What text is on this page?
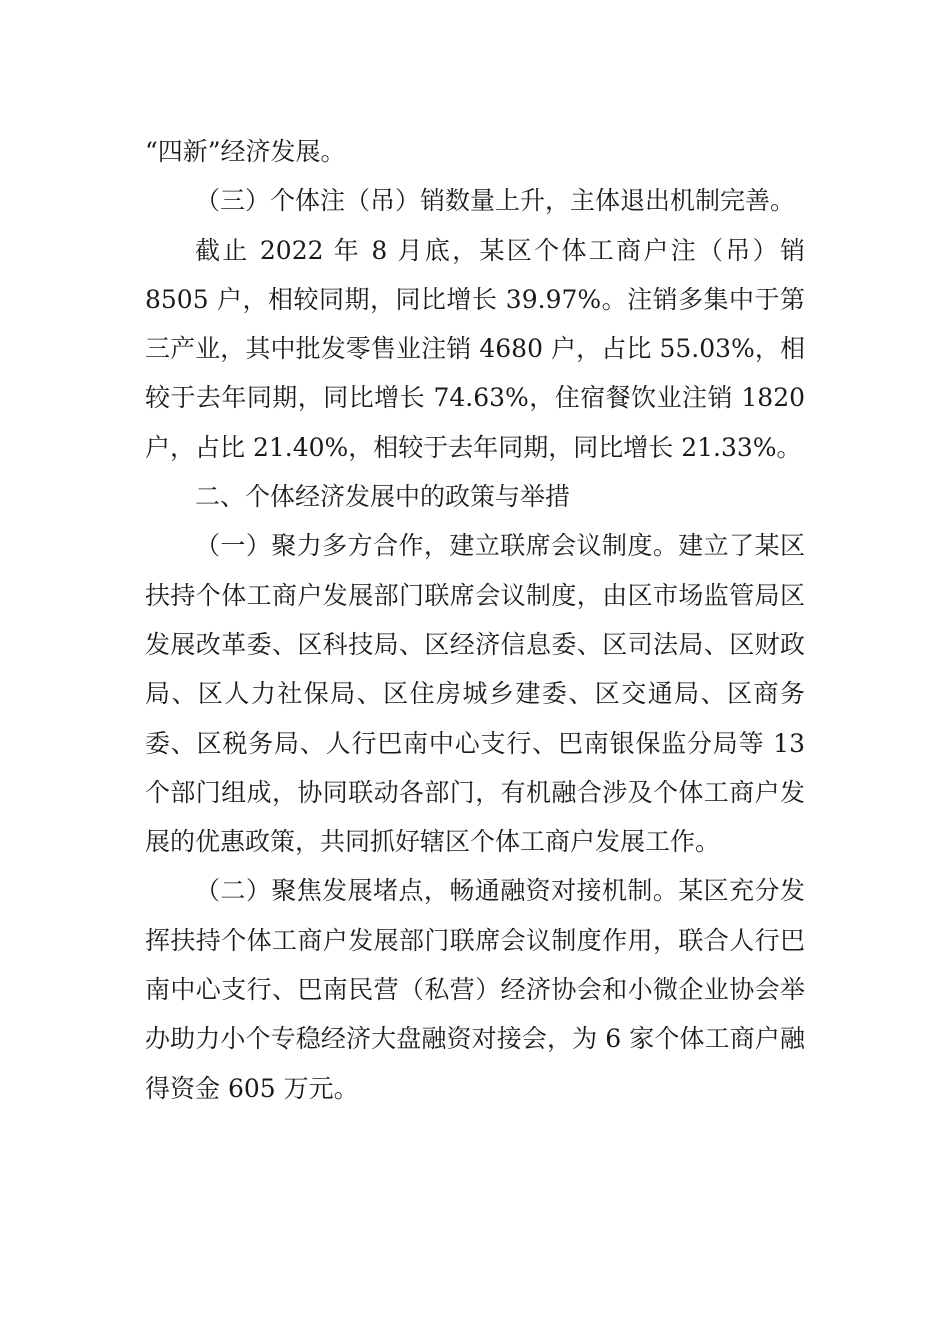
“四新”经济发展。

（三）个体注（吊）销数量上升，主体退出机制完善。

截止 2022 年 8 月底，某区个体工商户注（吊）销 8505 户，相较同期，同比增长 39.97%。注销多集中于第三产业，其中批发零售业注销 4680 户，占比 55.03%，相较于去年同期，同比增长 74.63%，住宿餐饮业注销 1820 户，占比 21.40%，相较于去年同期，同比增长 21.33%。

二、个体经济发展中的政策与举措

（一）聚力多方合作，建立联席会议制度。建立了某区扶持个体工商户发展部门联席会议制度，由区市场监管局区发展改革委、区科技局、区经济信息委、区司法局、区财政局、区人力社保局、区住房城乡建委、区交通局、区商务委、区税务局、人行巴南中心支行、巴南银保监分局等 13 个部门组成，协同联动各部门，有机融合涉及个体工商户发展的优惠政策，共同抓好辖区个体工商户发展工作。

（二）聚焦发展堵点，畅通融资对接机制。某区充分发挥扶持个体工商户发展部门联席会议制度作用，联合人行巴南中心支行、巴南民营（私营）经济协会和小微企业协会举办助力小个专稳经济大盘融资对接会，为 6 家个体工商户融得资金 605 万元。
